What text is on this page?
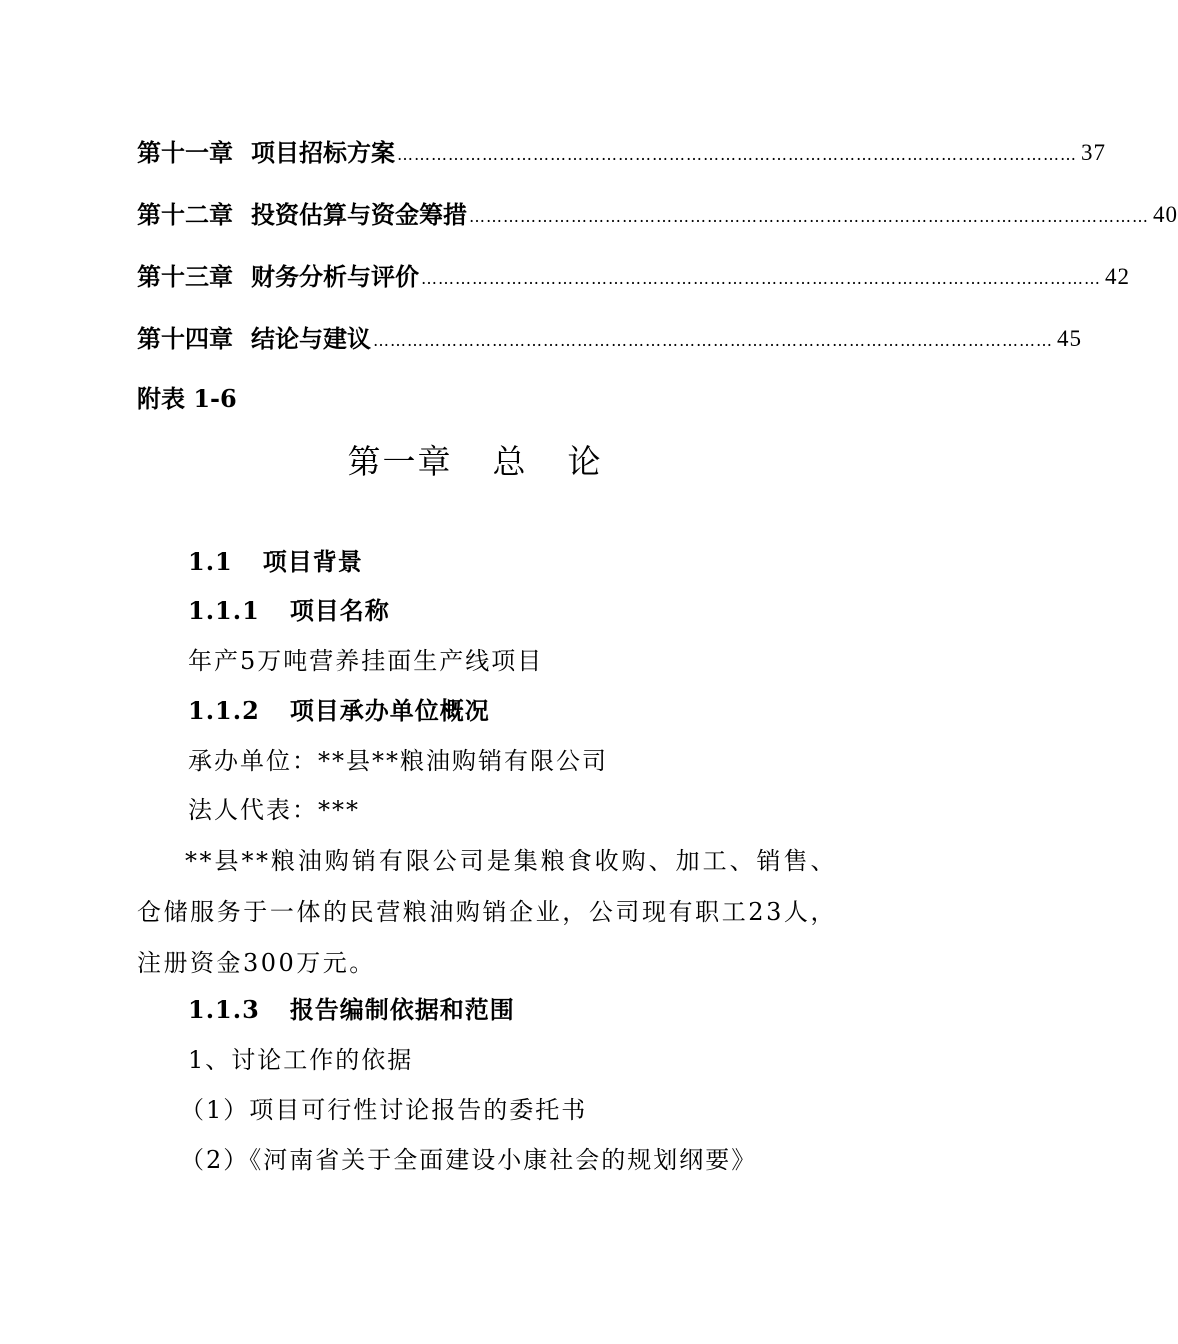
第十一章 项目招标方案 ………………………………………………………………………………………………………… 37
第十二章 投资估算与资金筹措 ………………………………………………………………………………………………………… 40
第十三章 财务分析与评价 ………………………………………………………………………………………………………… 42
第十四章 结论与建议 ………………………………………………………………………………………………………… 45
附表 1-6
第一章 总 论
1.1 项目背景
1.1.1 项目名称
年产5万吨营养挂面生产线项目
1.1.2 项目承办单位概况
承办单位：**县**粮油购销有限公司
法人代表：***
**县**粮油购销有限公司是集粮食收购、加工、销售、仓储服务于一体的民营粮油购销企业，公司现有职工23人，注册资金300万元。
1.1.3 报告编制依据和范围
1、讨论工作的依据
（1）项目可行性讨论报告的委托书
（2）《河南省关于全面建设小康社会的规划纲要》
